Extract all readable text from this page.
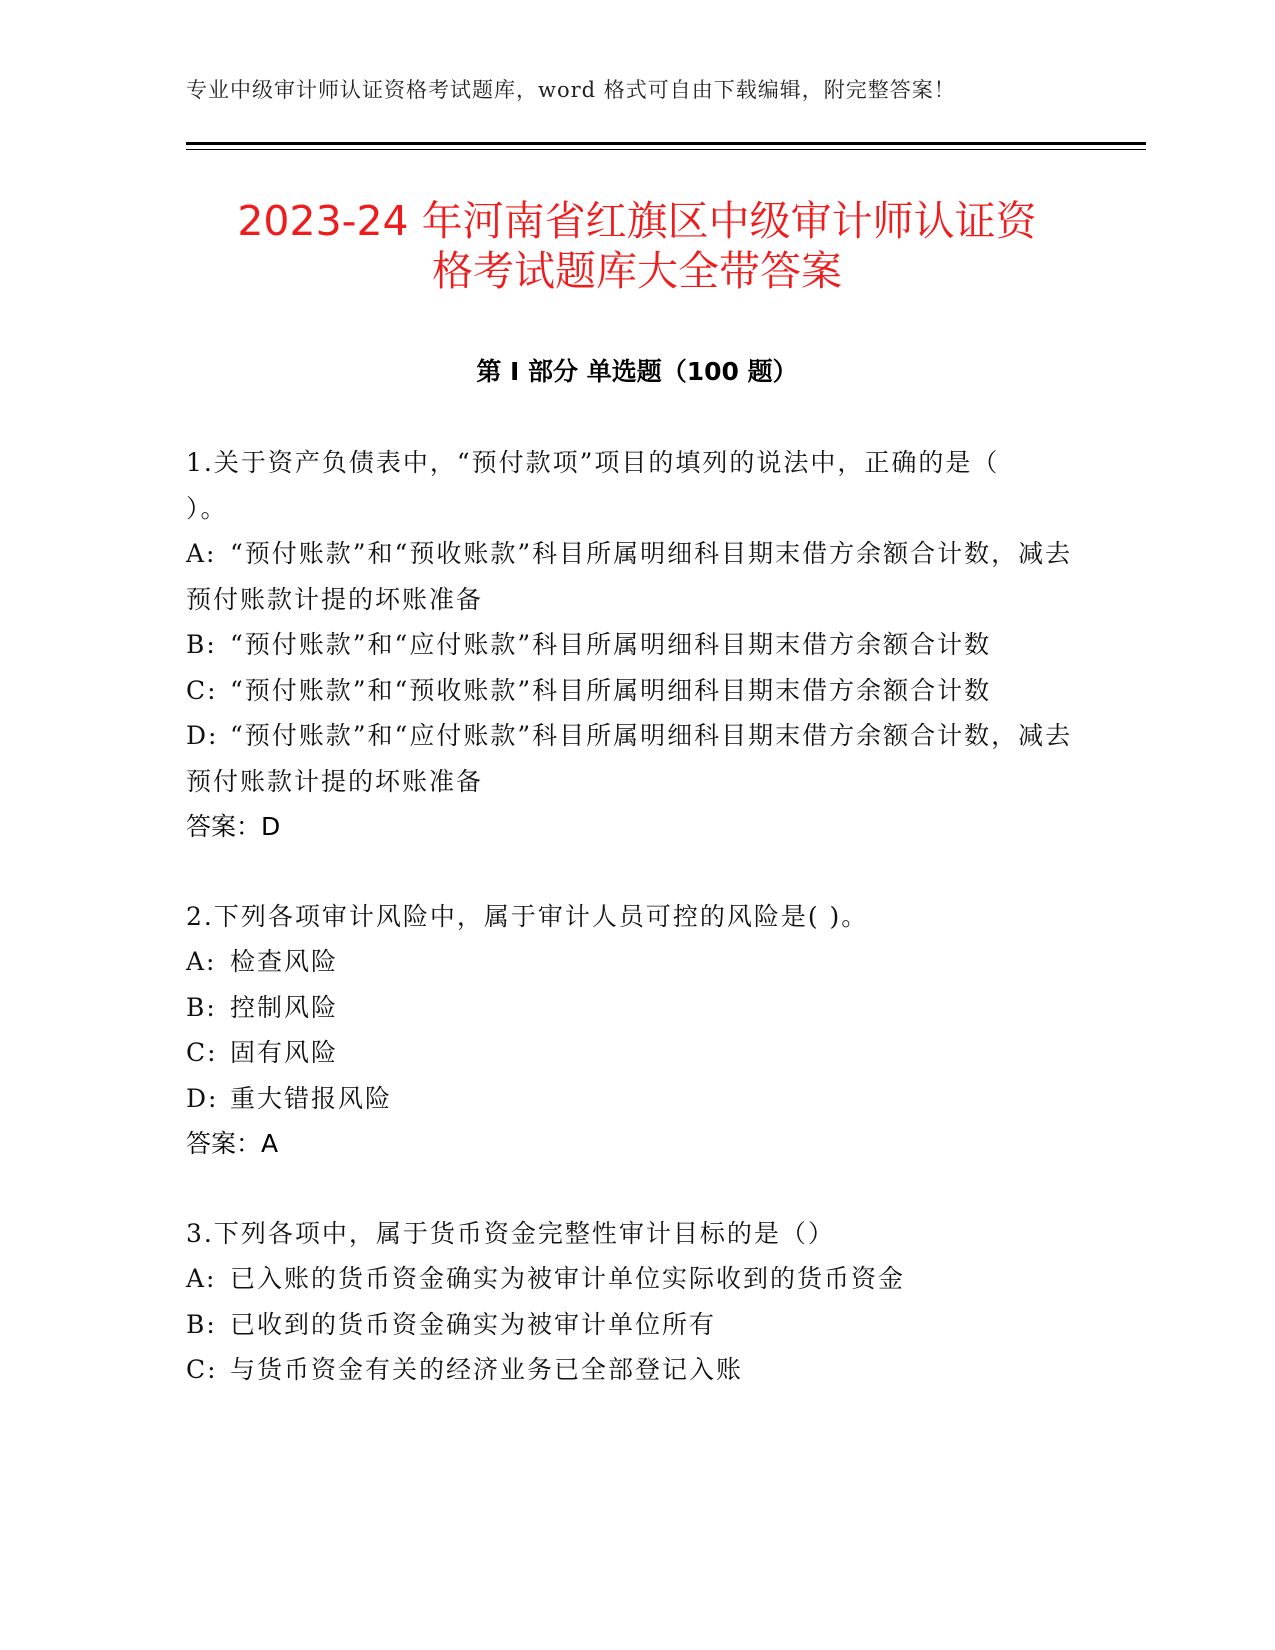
专业中级审计师认证资格考试题库，word 格式可自由下载编辑，附完整答案！
2023-24 年河南省红旗区中级审计师认证资
格考试题库大全带答案
第 I 部分 单选题（100 题）
1.关于资产负债表中，“预付款项”项目的填列的说法中，正确的是（　　）。
A: “预付账款”和“预收账款”科目所属明细科目期末借方余额合计数，减去预付账款计提的坏账准备
B: “预付账款”和“应付账款”科目所属明细科目期末借方余额合计数
C: “预付账款”和“预收账款”科目所属明细科目期末借方余额合计数
D: “预付账款”和“应付账款”科目所属明细科目期末借方余额合计数，减去预付账款计提的坏账准备
答案：D
2.下列各项审计风险中，属于审计人员可控的风险是( )。
A: 检查风险
B: 控制风险
C: 固有风险
D: 重大错报风险
答案：A
3.下列各项中，属于货币资金完整性审计目标的是（）
A: 已入账的货币资金确实为被审计单位实际收到的货币资金
B: 已收到的货币资金确实为被审计单位所有
C: 与货币资金有关的经济业务已全部登记入账
